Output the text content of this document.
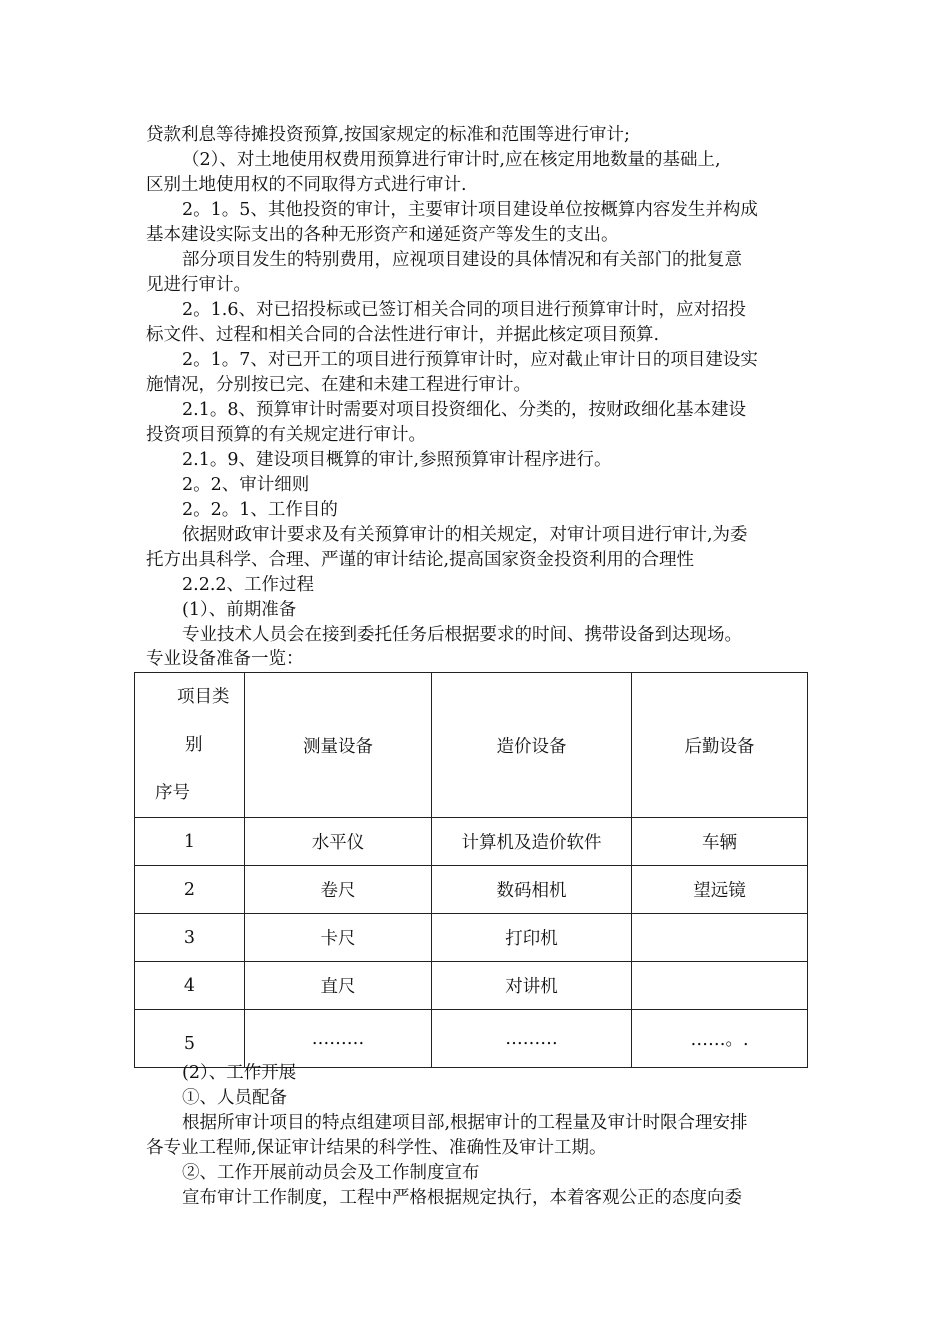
贷款利息等待摊投资预算,按国家规定的标准和范围等进行审计;
（2）、对土地使用权费用预算进行审计时,应在核定用地数量的基础上,
区别土地使用权的不同取得方式进行审计.
2。1。5、其他投资的审计，主要审计项目建设单位按概算内容发生并构成
基本建设实际支出的各种无形资产和递延资产等发生的支出。
部分项目发生的特别费用，应视项目建设的具体情况和有关部门的批复意
见进行审计。
2。1.6、对已招投标或已签订相关合同的项目进行预算审计时，应对招投
标文件、过程和相关合同的合法性进行审计，并据此核定项目预算.
2。1。7、对已开工的项目进行预算审计时，应对截止审计日的项目建设实
施情况，分别按已完、在建和未建工程进行审计。
2.1。8、预算审计时需要对项目投资细化、分类的，按财政细化基本建设
投资项目预算的有关规定进行审计。
2.1。9、建设项目概算的审计,参照预算审计程序进行。
2。2、审计细则
2。2。1、工作目的
依据财政审计要求及有关预算审计的相关规定，对审计项目进行审计,为委
托方出具科学、合理、严谨的审计结论,提高国家资金投资利用的合理性
2.2.2、工作过程
(1）、前期准备
专业技术人员会在接到委托任务后根据要求的时间、携带设备到达现场。
专业设备准备一览：
项目类
别
序号	测量设备	造价设备	后勤设备
1	水平仪	计算机及造价软件	车辆
2	卷尺	数码相机	望远镜
3	卡尺	打印机	
4	直尺	对讲机	
5	………	………	……。.
(2）、工作开展
①、人员配备
根据所审计项目的特点组建项目部,根据审计的工程量及审计时限合理安排
各专业工程师,保证审计结果的科学性、准确性及审计工期。
②、工作开展前动员会及工作制度宣布
宣布审计工作制度，工程中严格根据规定执行，本着客观公正的态度向委
